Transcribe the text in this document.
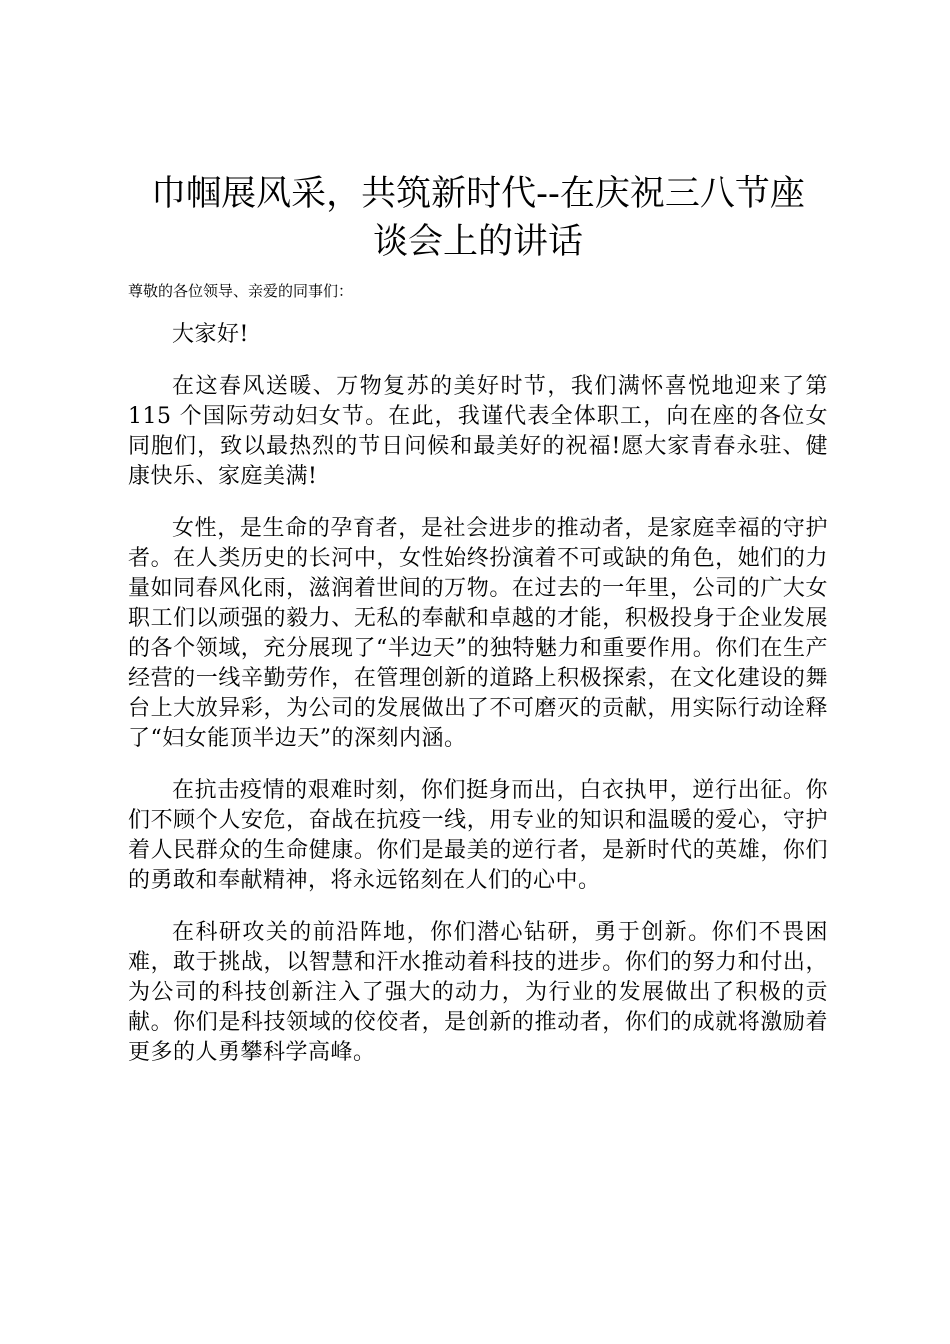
巾帼展风采，共筑新时代--在庆祝三八节座
谈会上的讲话
尊敬的各位领导、亲爱的同事们：

大家好!

在这春风送暖、万物复苏的美好时节，我们满怀喜悦地迎来了第 115 个国际劳动妇女节。在此，我谨代表全体职工，向在座的各位女同胞们，致以最热烈的节日问候和最美好的祝福!愿大家青春永驻、健康快乐、家庭美满!

女性，是生命的孕育者，是社会进步的推动者，是家庭幸福的守护者。在人类历史的长河中，女性始终扮演着不可或缺的角色，她们的力量如同春风化雨，滋润着世间的万物。在过去的一年里，公司的广大女职工们以顽强的毅力、无私的奉献和卓越的才能，积极投身于企业发展的各个领域，充分展现了“半边天”的独特魅力和重要作用。你们在生产经营的一线辛勤劳作，在管理创新的道路上积极探索，在文化建设的舞台上大放异彩，为公司的发展做出了不可磨灭的贡献，用实际行动诠释了“妇女能顶半边天”的深刻内涵。

在抗击疫情的艰难时刻，你们挺身而出，白衣执甲，逆行出征。你们不顾个人安危，奋战在抗疫一线，用专业的知识和温暖的爱心，守护着人民群众的生命健康。你们是最美的逆行者，是新时代的英雄，你们的勇敢和奉献精神，将永远铭刻在人们的心中。

在科研攻关的前沿阵地，你们潜心钻研，勇于创新。你们不畏困难，敢于挑战，以智慧和汗水推动着科技的进步。你们的努力和付出，为公司的科技创新注入了强大的动力，为行业的发展做出了积极的贡献。你们是科技领域的佼佼者，是创新的推动者，你们的成就将激励着更多的人勇攀科学高峰。
